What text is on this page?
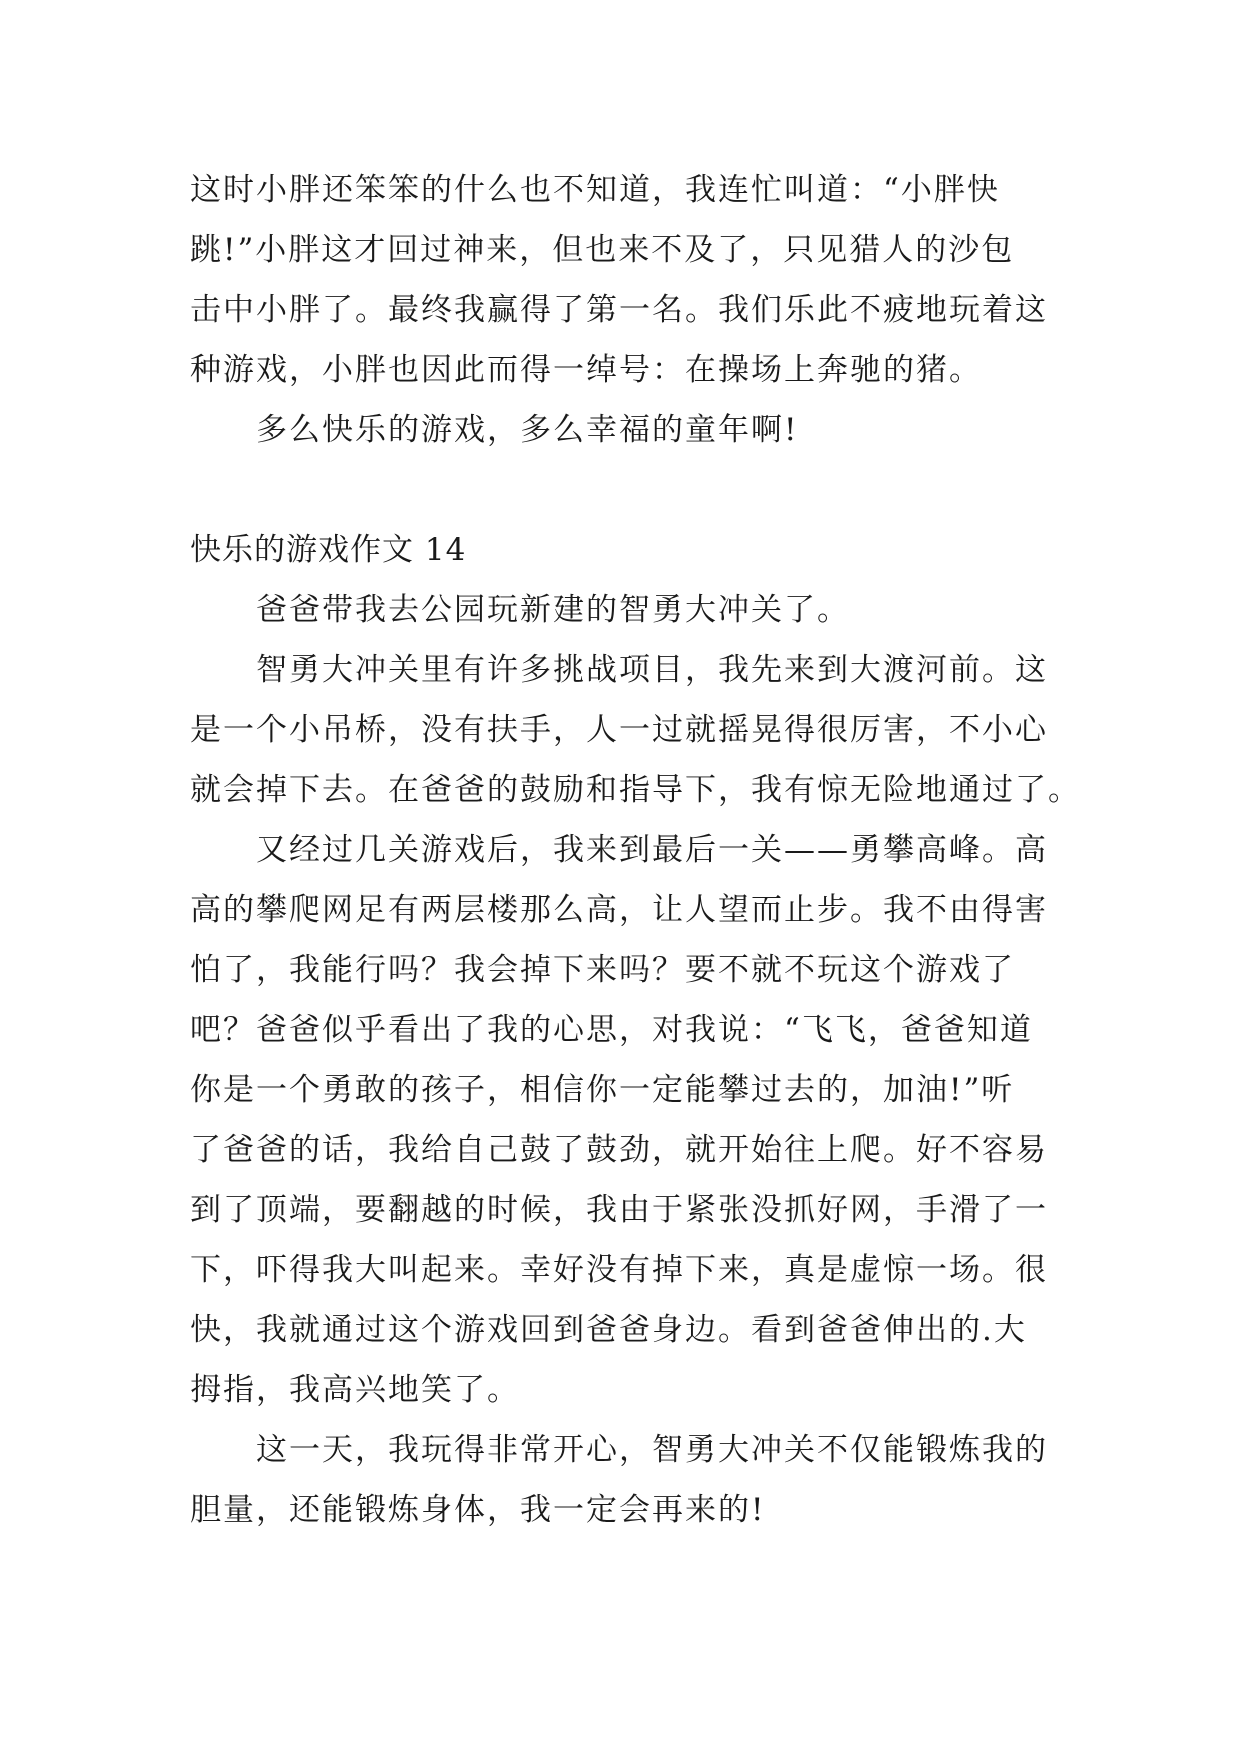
这时小胖还笨笨的什么也不知道，我连忙叫道：“小胖快
跳!”小胖这才回过神来，但也来不及了，只见猎人的沙包
击中小胖了。最终我赢得了第一名。我们乐此不疲地玩着这
种游戏，小胖也因此而得一绰号：在操场上奔驰的猪。
多么快乐的游戏，多么幸福的童年啊!
快乐的游戏作文 14
爸爸带我去公园玩新建的智勇大冲关了。
智勇大冲关里有许多挑战项目，我先来到大渡河前。这
是一个小吊桥，没有扶手，人一过就摇晃得很厉害，不小心
就会掉下去。在爸爸的鼓励和指导下，我有惊无险地通过了。
又经过几关游戏后，我来到最后一关——勇攀高峰。高
高的攀爬网足有两层楼那么高，让人望而止步。我不由得害
怕了，我能行吗？我会掉下来吗？要不就不玩这个游戏了
吧？爸爸似乎看出了我的心思，对我说：“飞飞，爸爸知道
你是一个勇敢的孩子，相信你一定能攀过去的，加油!”听
了爸爸的话，我给自己鼓了鼓劲，就开始往上爬。好不容易
到了顶端，要翻越的时候，我由于紧张没抓好网，手滑了一
下，吓得我大叫起来。幸好没有掉下来，真是虚惊一场。很
快，我就通过这个游戏回到爸爸身边。看到爸爸伸出的.大
拇指，我高兴地笑了。
这一天，我玩得非常开心，智勇大冲关不仅能锻炼我的
胆量，还能锻炼身体，我一定会再来的!
